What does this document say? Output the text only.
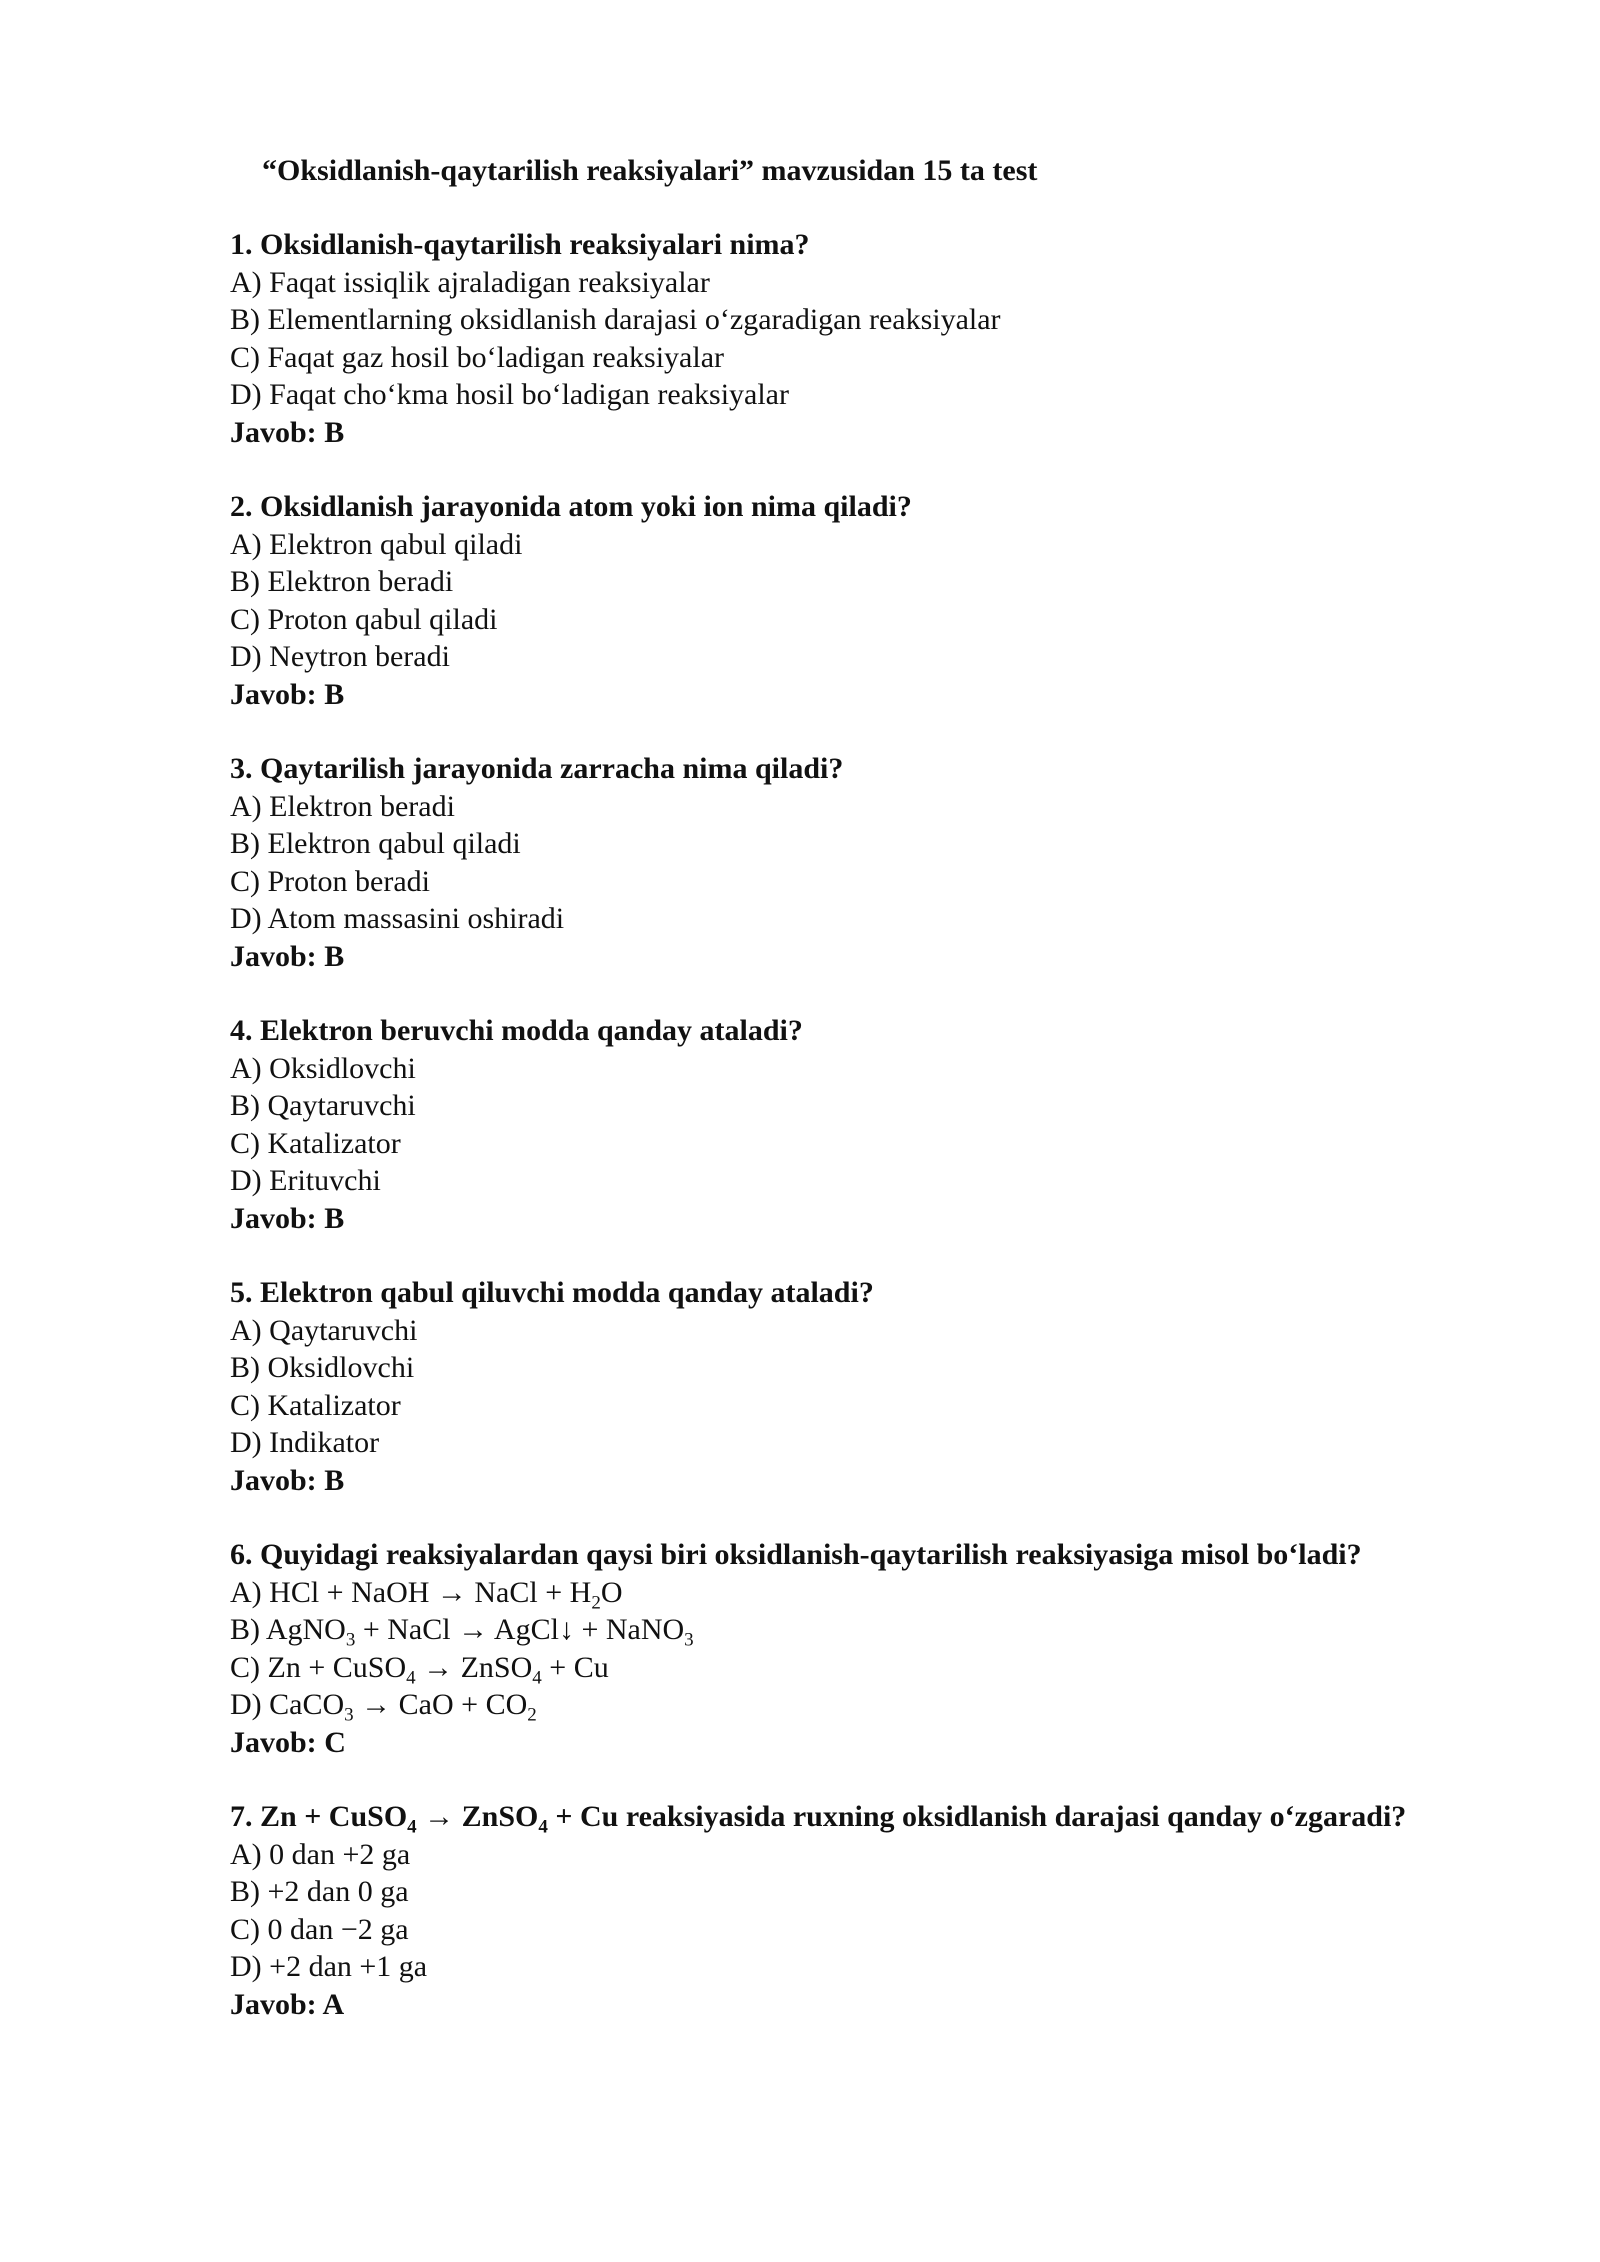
“Oksidlanish-qaytarilish reaksiyalari” mavzusidan 15 ta test
1. Oksidlanish-qaytarilish reaksiyalari nima?
A) Faqat issiqlik ajraladigan reaksiyalar
B) Elementlarning oksidlanish darajasi o‘zgaradigan reaksiyalar
C) Faqat gaz hosil bo‘ladigan reaksiyalar
D) Faqat cho‘kma hosil bo‘ladigan reaksiyalar
Javob: B
2. Oksidlanish jarayonida atom yoki ion nima qiladi?
A) Elektron qabul qiladi
B) Elektron beradi
C) Proton qabul qiladi
D) Neytron beradi
Javob: B
3. Qaytarilish jarayonida zarracha nima qiladi?
A) Elektron beradi
B) Elektron qabul qiladi
C) Proton beradi
D) Atom massasini oshiradi
Javob: B
4. Elektron beruvchi modda qanday ataladi?
A) Oksidlovchi
B) Qaytaruvchi
C) Katalizator
D) Erituvchi
Javob: B
5. Elektron qabul qiluvchi modda qanday ataladi?
A) Qaytaruvchi
B) Oksidlovchi
C) Katalizator
D) Indikator
Javob: B
6. Quyidagi reaksiyalardan qaysi biri oksidlanish-qaytarilish reaksiyasiga misol bo‘ladi?
A) HCl + NaOH → NaCl + $H_2O$
B) AgNO$_3$ + NaCl → AgCl↓ + NaNO$_3$
C) Zn + CuSO$_4$ → ZnSO$_4$ + Cu
D) CaCO$_3$ → CaO + $CO_2$
Javob: C
7. Zn + CuSO$_4$ → ZnSO$_4$ + Cu reaksiyasida ruxning oksidlanish darajasi qanday o‘zgaradi?
A) 0 dan +2 ga
B) +2 dan 0 ga
C) 0 dan −2 ga
D) +2 dan +1 ga
Javob: A
